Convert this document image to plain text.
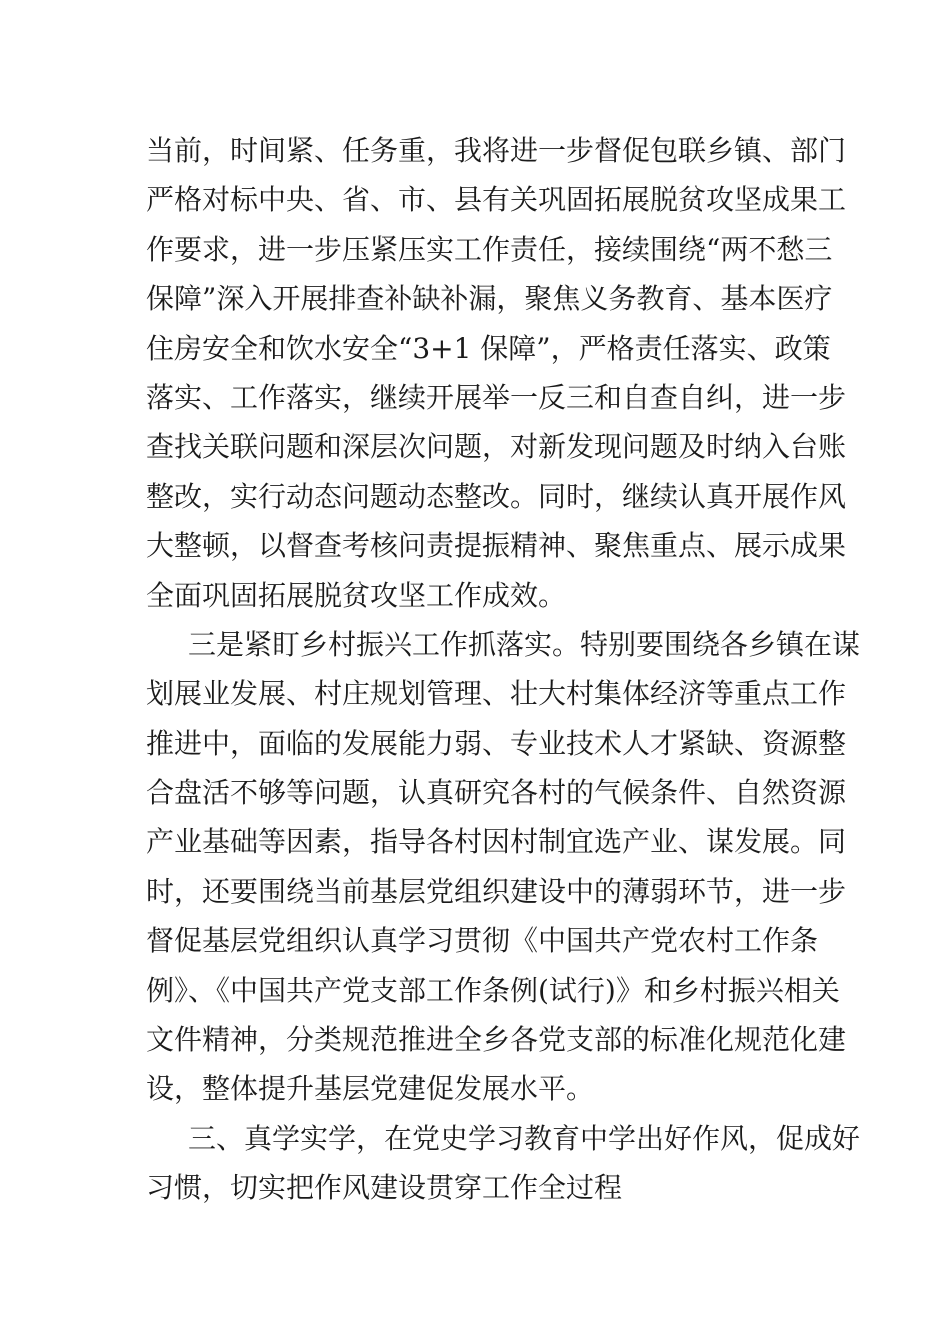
当前，时间紧、任务重，我将进一步督促包联乡镇、部门
严格对标中央、省、市、县有关巩固拓展脱贫攻坚成果工
作要求，进一步压紧压实工作责任，接续围绕“两不愁三
保障”深入开展排查补缺补漏，聚焦义务教育、基本医疗
住房安全和饮水安全“3+1 保障”，严格责任落实、政策
落实、工作落实，继续开展举一反三和自查自纠，进一步
查找关联问题和深层次问题，对新发现问题及时纳入台账
整改，实行动态问题动态整改。同时，继续认真开展作风
大整顿，以督查考核问责提振精神、聚焦重点、展示成果
全面巩固拓展脱贫攻坚工作成效。
三是紧盯乡村振兴工作抓落实。特别要围绕各乡镇在谋
划展业发展、村庄规划管理、壮大村集体经济等重点工作
推进中，面临的发展能力弱、专业技术人才紧缺、资源整
合盘活不够等问题，认真研究各村的气候条件、自然资源
产业基础等因素，指导各村因村制宜选产业、谋发展。同
时，还要围绕当前基层党组织建设中的薄弱环节，进一步
督促基层党组织认真学习贯彻《中国共产党农村工作条
例》、《中国共产党支部工作条例(试行)》和乡村振兴相关
文件精神，分类规范推进全乡各党支部的标准化规范化建
设，整体提升基层党建促发展水平。
三、真学实学，在党史学习教育中学出好作风，促成好
习惯，切实把作风建设贯穿工作全过程
